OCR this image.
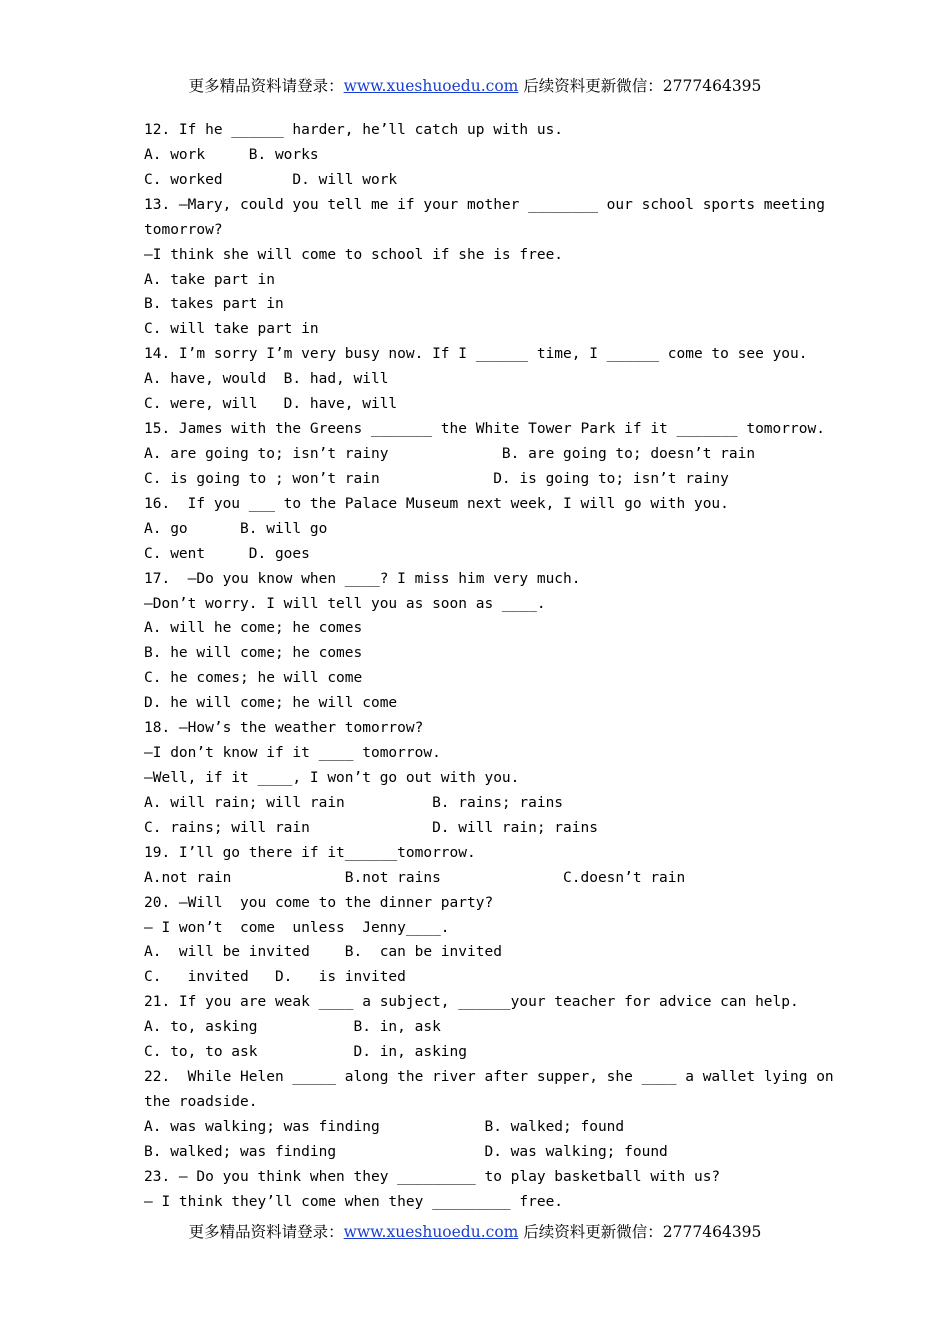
更多精品资料请登录：www.xueshuoedu.com 后续资料更新微信：2777464395
12. If he ______ harder, he’ll catch up with us.
A. work     B. works
C. worked        D. will work
13. —Mary, could you tell me if your mother ________ our school sports meeting
tomorrow?
—I think she will come to school if she is free.
A. take part in
B. takes part in
C. will take part in
14. I’m sorry I’m very busy now. If I ______ time, I ______ come to see you.
A. have, would  B. had, will
C. were, will   D. have, will
15. James with the Greens _______ the White Tower Park if it _______ tomorrow.
A. are going to; isn’t rainy             B. are going to; doesn’t rain
C. is going to ; won’t rain             D. is going to; isn’t rainy
16.  If you ___ to the Palace Museum next week, I will go with you.
A. go      B. will go
C. went     D. goes
17.  —Do you know when ____? I miss him very much.
—Don’t worry. I will tell you as soon as ____.
A. will he come; he comes
B. he will come; he comes
C. he comes; he will come
D. he will come; he will come
18. —How’s the weather tomorrow?
—I don’t know if it ____ tomorrow.
—Well, if it ____, I won’t go out with you.
A. will rain; will rain          B. rains; rains
C. rains; will rain              D. will rain; rains
19. I’ll go there if it______tomorrow.
A.not rain             B.not rains              C.doesn’t rain
20. —Will  you come to the dinner party?
— I won’t  come  unless  Jenny____.
A.  will be invited    B.  can be invited
C.   invited   D.   is invited
21. If you are weak ____ a subject, ______your teacher for advice can help.
A. to, asking           B. in, ask
C. to, to ask           D. in, asking
22.  While Helen _____ along the river after supper, she ____ a wallet lying on
the roadside.
A. was walking; was finding            B. walked; found
B. walked; was finding                 D. was walking; found
23. — Do you think when they _________ to play basketball with us?
— I think they’ll come when they _________ free.
更多精品资料请登录：www.xueshuoedu.com 后续资料更新微信：2777464395
